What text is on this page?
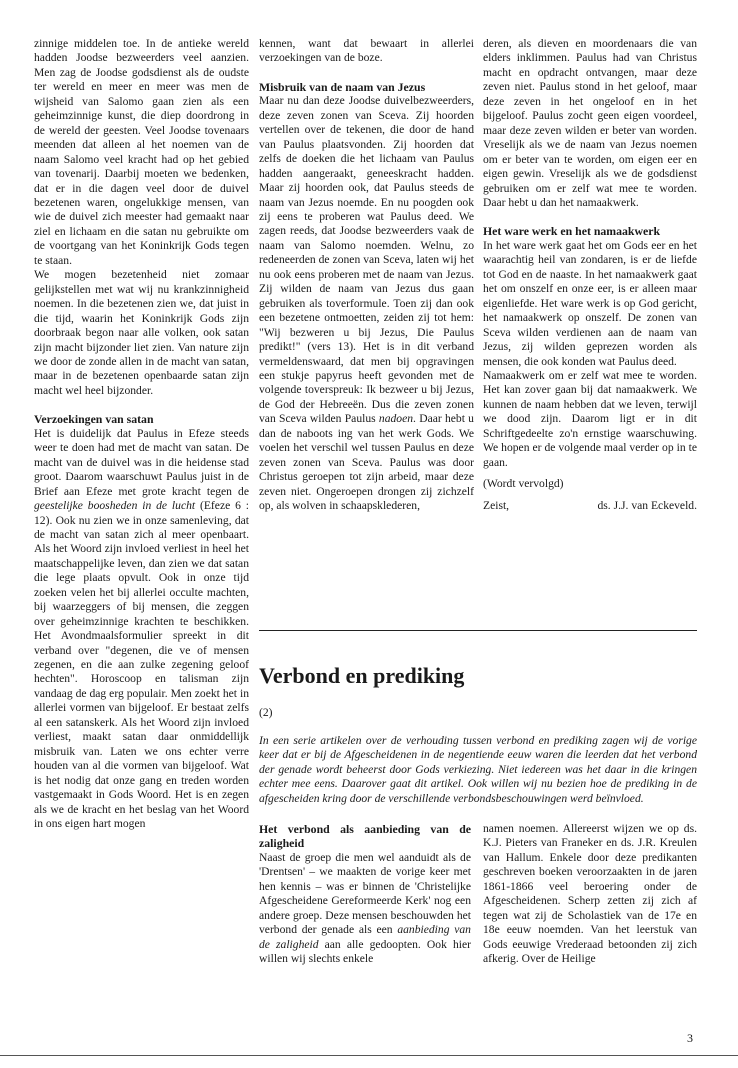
zinnige middelen toe. In de antieke wereld hadden Joodse bezweerders veel aanzien. Men zag de Joodse godsdienst als de oudste ter wereld en meer en meer was men de wijsheid van Salomo gaan zien als een geheimzinnige kunst, die diep doordrong in de wereld der geesten. Veel Joodse tovenaars meenden dat alleen al het noemen van de naam Salomo veel kracht had op het gebied van tovenarij. Daarbij moeten we bedenken, dat er in die dagen veel door de duivel bezetenen waren, ongelukkige mensen, van wie de duivel zich meester had gemaakt naar ziel en lichaam en die satan nu gebruikte om de voortgang van het Koninkrijk Gods tegen te staan.

We mogen bezetenheid niet zomaar gelijkstellen met wat wij nu krankzinnigheid noemen. In die bezetenen zien we, dat juist in die tijd, waarin het Koninkrijk Gods zijn doorbraak begon naar alle volken, ook satan zijn macht bijzonder liet zien. Van nature zijn we door de zonde allen in de macht van satan, maar in de bezetenen openbaarde satan zijn macht wel heel bijzonder.

Verzoekingen van satan

Het is duidelijk dat Paulus in Efeze steeds weer te doen had met de macht van satan. De macht van de duivel was in die heidense stad groot. Daarom waarschuwt Paulus juist in de Brief aan Efeze met grote kracht tegen de geestelijke boosheden in de lucht (Efeze 6 : 12). Ook nu zien we in onze samenleving, dat de macht van satan zich al meer openbaart. Als het Woord zijn invloed verliest in heel het maatschappelijke leven, dan zien we dat satan die lege plaats opvult. Ook in onze tijd zoeken velen het bij allerlei occulte machten, bij waarzeggers of bij mensen, die zeggen over geheimzinnige krachten te beschikken. Het Avondmaalsformulier spreekt in dit verband over "degenen, die ve of mensen zegenen, en die aan zulke zegening geloof hechten". Horoscoop en talisman zijn vandaag de dag erg populair. Men zoekt het in allerlei vormen van bijgeloof. Er bestaat zelfs al een satanskerk. Als het Woord zijn invloed verliest, maakt satan daar onmiddellijk misbruik van. Laten we ons echter verre houden van al die vormen van bijgeloof. Wat is het nodig dat onze gang en treden worden vastgemaakt in Gods Woord. Het is en zegen als we de kracht en het beslag van het Woord in ons eigen hart mogen

kennen, want dat bewaart in allerlei verzoekingen van de boze.

Misbruik van de naam van Jezus

Maar nu dan deze Joodse duivelbezweerders, deze zeven zonen van Sceva. Zij hoorden vertellen over de tekenen, die door de hand van Paulus plaatsvonden. Zij hoorden dat zelfs de doeken die het lichaam van Paulus hadden aangeraakt, geneeskracht hadden. Maar zij hoorden ook, dat Paulus steeds de naam van Jezus noemde. En nu poogden ook zij eens te proberen wat Paulus deed. We zagen reeds, dat Joodse bezweerders vaak de naam van Salomo noemden. Welnu, zo redeneerden de zonen van Sceva, laten wij het nu ook eens proberen met de naam van Jezus. Zij wilden de naam van Jezus dus gaan gebruiken als toverformule. Toen zij dan ook een bezetene ontmoetten, zeiden zij tot hem: "Wij bezweren u bij Jezus, Die Paulus predikt!" (vers 13). Het is in dit verband vermeldenswaard, dat men bij opgravingen een stukje papyrus heeft gevonden met de volgende toverspreuk: Ik bezweer u bij Jezus, de God der Hebreeën. Dus die zeven zonen van Sceva wilden Paulus nadoen. Daar hebt u dan de naboots ing van het werk Gods. We voelen het verschil wel tussen Paulus en deze zeven zonen van Sceva. Paulus was door Christus geroepen tot zijn arbeid, maar deze zeven niet. Ongeroepen drongen zij zichzelf op, als wolven in schaapsklederen,

deren, als dieven en moordenaars die van elders inklimmen. Paulus had van Christus macht en opdracht ontvangen, maar deze zeven niet. Paulus stond in het geloof, maar deze zeven in het ongeloof en in het bijgeloof. Paulus zocht geen eigen voordeel, maar deze zeven wilden er beter van worden. Vreselijk als we de naam van Jezus noemen om er beter van te worden, om eigen eer en eigen gewin. Vreselijk als we de godsdienst gebruiken om er zelf wat mee te worden. Daar hebt u dan het namaakwerk.

Het ware werk en het namaakwerk

In het ware werk gaat het om Gods eer en het waarachtig heil van zondaren, is er de liefde tot God en de naaste. In het namaakwerk gaat het om onszelf en onze eer, is er alleen maar eigenliefde. Het ware werk is op God gericht, het namaakwerk op onszelf. De zonen van Sceva wilden verdienen aan de naam van Jezus, zij wilden geprezen worden als mensen, die ook konden wat Paulus deed.

Namaakwerk om er zelf wat mee te worden. Het kan zover gaan bij dat namaakwerk. We kunnen de naam hebben dat we leven, terwijl we dood zijn. Daarom ligt er in dit Schriftgedeelte zo'n ernstige waarschuwing. We hopen er de volgende maal verder op in te gaan.

(Wordt vervolgd)

Zeist,	ds. J.J. van Eckeveld.
Verbond en prediking
(2)

In een serie artikelen over de verhouding tussen verbond en prediking zagen wij de vorige keer dat er bij de Afgescheidenen in de negentiende eeuw waren die leerden dat het verbond der genade wordt beheerst door Gods verkiezing. Niet iedereen was het daar in die kringen echter mee eens. Daarover gaat dit artikel. Ook willen wij nu bezien hoe de prediking in de afgescheiden kring door de verschillende verbondsbeschouwingen werd beïnvloed.

Het verbond als aanbieding van de zaligheid

Naast de groep die men wel aanduidt als de 'Drentsen' – we maakten de vorige keer met hen kennis – was er binnen de 'Christelijke Afgescheidene Gereformeerde Kerk' nog een andere groep. Deze mensen beschouwden het verbond der genade als een aanbieding van de zaligheid aan alle gedoopten. Ook hier willen wij slechts enkele

namen noemen. Allereerst wijzen we op ds. K.J. Pieters van Franeker en ds. J.R. Kreulen van Hallum. Enkele door deze predikanten geschreven boeken veroorzaakten in de jaren 1861-1866 veel beroering onder de Afgescheidenen. Scherp zetten zij zich af tegen wat zij de Scholastiek van de 17e en 18e eeuw noemden. Van het leerstuk van Gods eeuwige Vrederaad betoonden zij zich afkerig. Over de Heilige

3
